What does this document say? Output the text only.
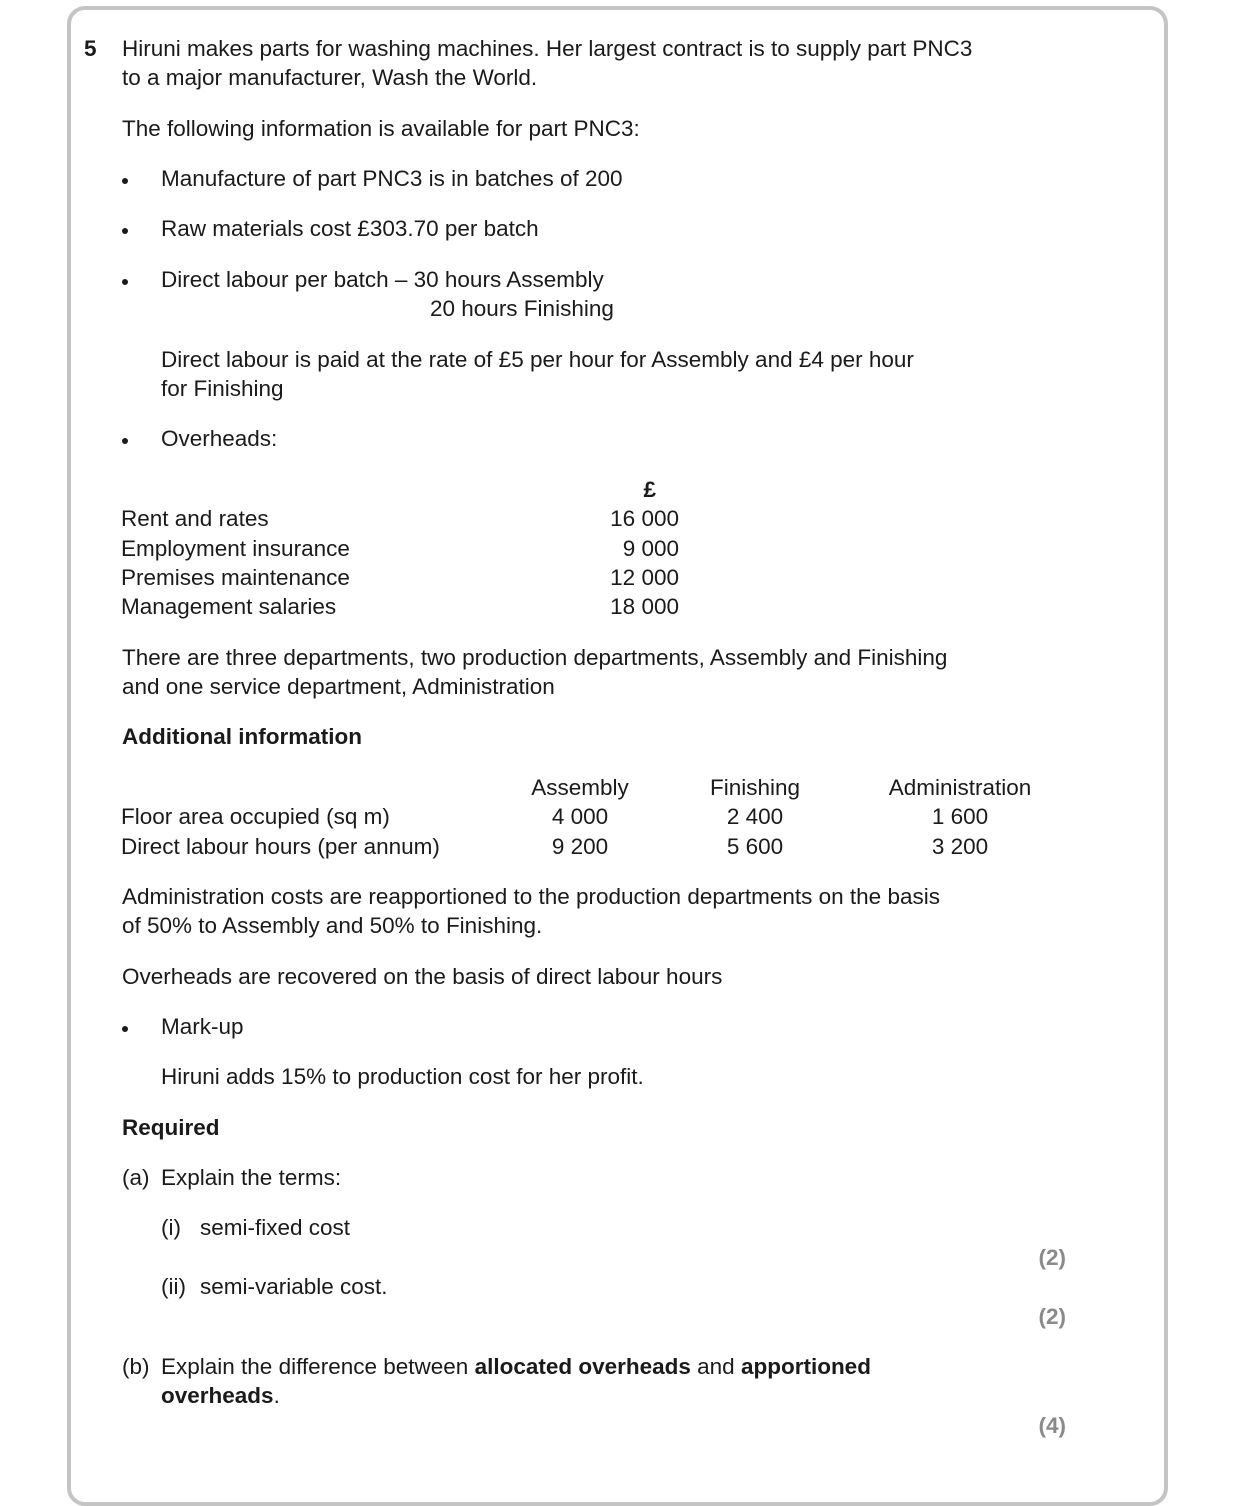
5 Hiruni makes parts for washing machines. Her largest contract is to supply part PNC3
to a major manufacturer, Wash the World.
The following information is available for part PNC3:
Manufacture of part PNC3 is in batches of 200
Raw materials cost £303.70 per batch
Direct labour per batch – 30 hours Assembly
20 hours Finishing
Direct labour is paid at the rate of £5 per hour for Assembly and £4 per hour
for Finishing
Overheads:
£
Rent and rates	16 000
Employment insurance	9 000
Premises maintenance	12 000
Management salaries	18 000
There are three departments, two production departments, Assembly and Finishing
and one service department, Administration
Additional information
Assembly	Finishing	Administration
Floor area occupied (sq m)	4 000	2 400	1 600
Direct labour hours (per annum)	9 200	5 600	3 200
Administration costs are reapportioned to the production departments on the basis
of 50% to Assembly and 50% to Finishing.
Overheads are recovered on the basis of direct labour hours
Mark-up
Hiruni adds 15% to production cost for her profit.
Required
(a) Explain the terms:
(i) semi-fixed cost
(2)
(ii) semi-variable cost.
(2)
(b) Explain the difference between allocated overheads and apportioned
overheads.
(4)
